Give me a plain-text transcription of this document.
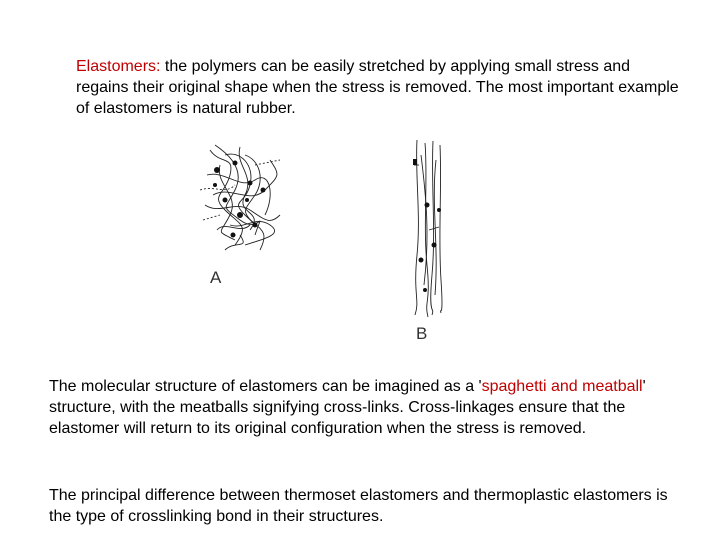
Elastomers: the polymers can be easily stretched by applying small stress and regains their original shape when the stress is removed. The most important example of elastomers is natural rubber.

A
B

The molecular structure of elastomers can be imagined as a 'spaghetti and meatball' structure, with the meatballs signifying cross-links. Cross-linkages ensure that the elastomer will return to its original configuration when the stress is removed.

The principal difference between thermoset elastomers and thermoplastic elastomers is the type of crosslinking bond in their structures.
